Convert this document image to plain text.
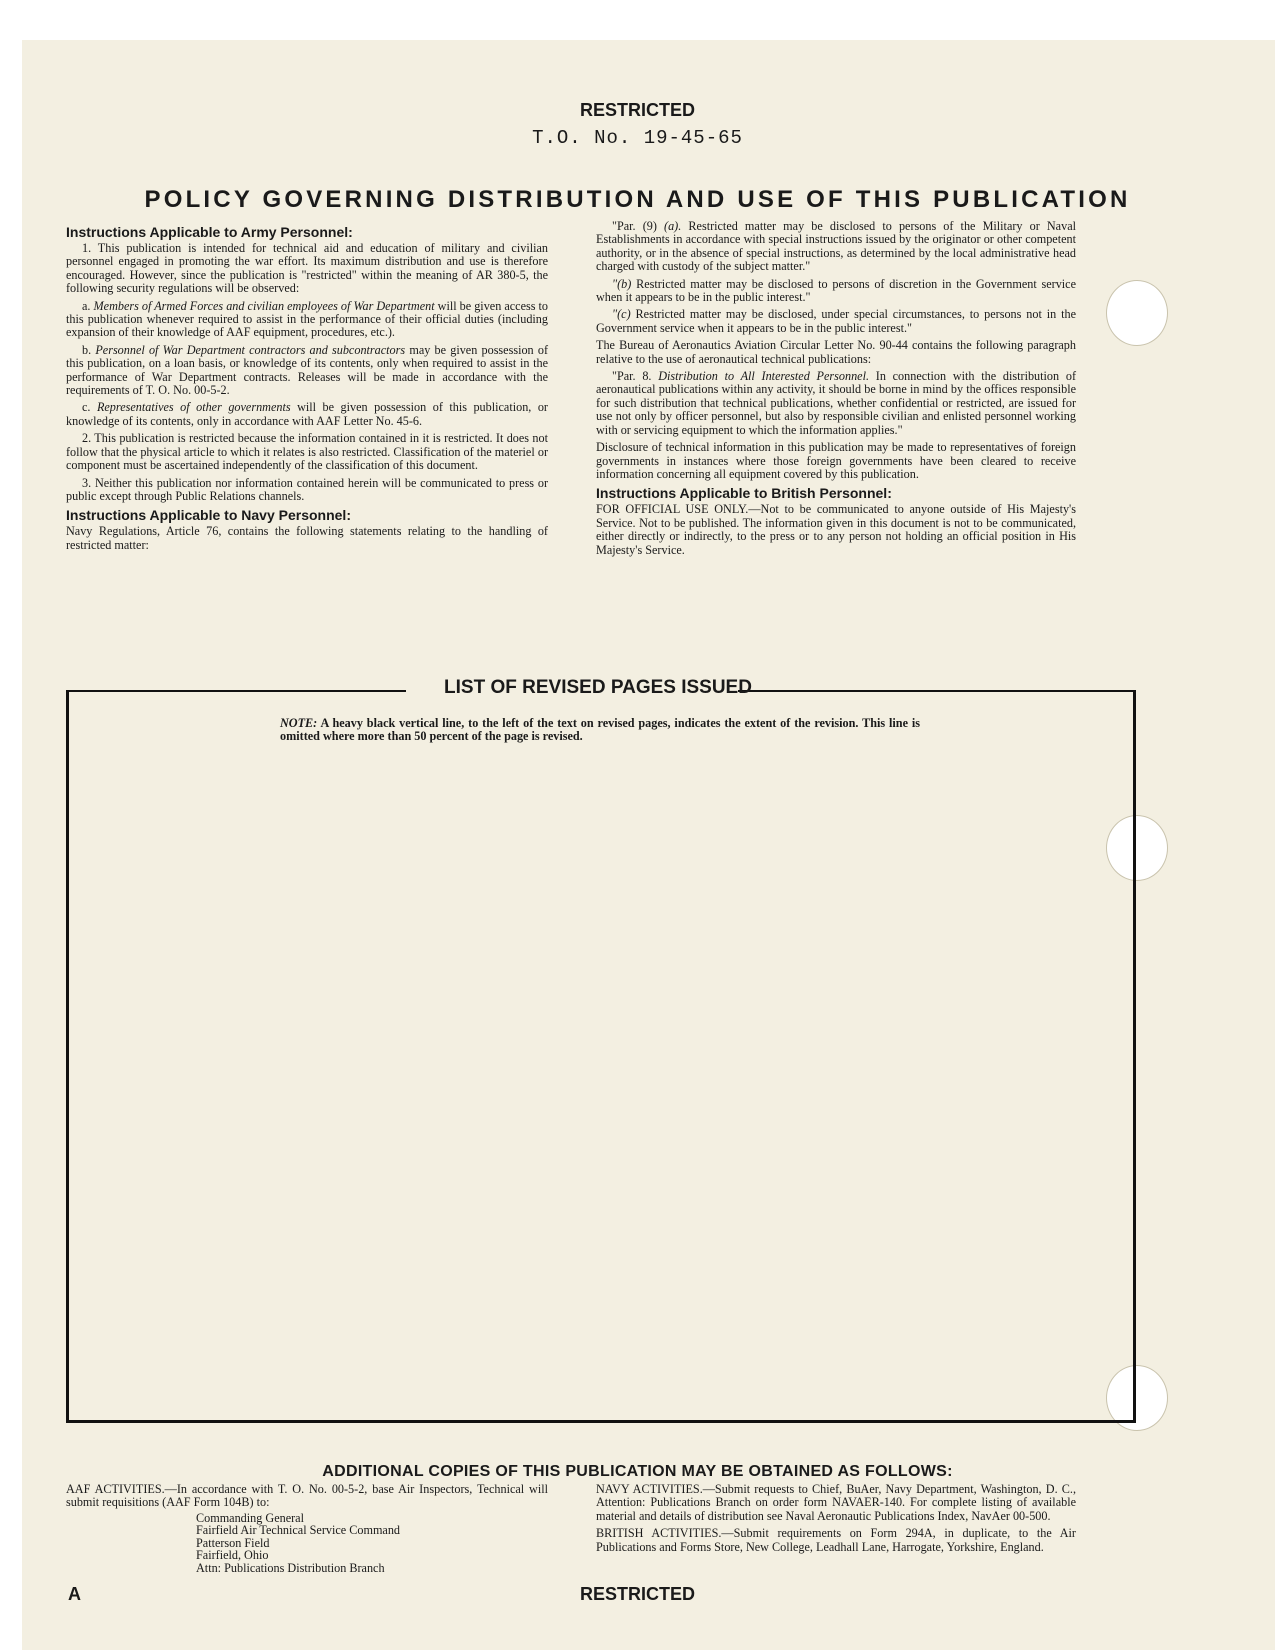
RESTRICTED
T.O. No. 19-45-65
POLICY GOVERNING DISTRIBUTION AND USE OF THIS PUBLICATION
Instructions Applicable to Army Personnel:

1. This publication is intended for technical aid and education of military and civilian personnel engaged in promoting the war effort. Its maximum distribution and use is therefore encouraged. However, since the publication is "restricted" within the meaning of AR 380-5, the following security regulations will be observed:

a. Members of Armed Forces and civilian employees of War Department will be given access to this publication whenever required to assist in the performance of their official duties (including expansion of their knowledge of AAF equipment, procedures, etc.).

b. Personnel of War Department contractors and subcontractors may be given possession of this publication, on a loan basis, or knowledge of its contents, only when required to assist in the performance of War Department contracts. Releases will be made in accordance with the requirements of T. O. No. 00-5-2.

c. Representatives of other governments will be given possession of this publication, or knowledge of its contents, only in accordance with AAF Letter No. 45-6.

2. This publication is restricted because the information contained in it is restricted. It does not follow that the physical article to which it relates is also restricted. Classification of the materiel or component must be ascertained independently of the classification of this document.

3. Neither this publication nor information contained herein will be communicated to press or public except through Public Relations channels.

Instructions Applicable to Navy Personnel:

Navy Regulations, Article 76, contains the following statements relating to the handling of restricted matter:

"Par. (9) (a). Restricted matter may be disclosed to persons of the Military or Naval Establishments in accordance with special instructions issued by the originator or other competent authority, or in the absence of special instructions, as determined by the local administrative head charged with custody of the subject matter."

"(b) Restricted matter may be disclosed to persons of discretion in the Government service when it appears to be in the public interest."

"(c) Restricted matter may be disclosed, under special circumstances, to persons not in the Government service when it appears to be in the public interest."

The Bureau of Aeronautics Aviation Circular Letter No. 90-44 contains the following paragraph relative to the use of aeronautical technical publications:

"Par. 8. Distribution to All Interested Personnel. In connection with the distribution of aeronautical publications within any activity, it should be borne in mind by the offices responsible for such distribution that technical publications, whether confidential or restricted, are issued for use not only by officer personnel, but also by responsible civilian and enlisted personnel working with or servicing equipment to which the information applies."

Disclosure of technical information in this publication may be made to representatives of foreign governments in instances where those foreign governments have been cleared to receive information concerning all equipment covered by this publication.

Instructions Applicable to British Personnel:

FOR OFFICIAL USE ONLY.—Not to be communicated to anyone outside of His Majesty's Service. Not to be published. The information given in this document is not to be communicated, either directly or indirectly, to the press or to any person not holding an official position in His Majesty's Service.

LIST OF REVISED PAGES ISSUED
NOTE: A heavy black vertical line, to the left of the text on revised pages, indicates the extent of the revision. This line is omitted where more than 50 percent of the page is revised.
ADDITIONAL COPIES OF THIS PUBLICATION MAY BE OBTAINED AS FOLLOWS:

AAF ACTIVITIES.—In accordance with T. O. No. 00-5-2, base Air Inspectors, Technical will submit requisitions (AAF Form 104B) to:

Commanding General
Fairfield Air Technical Service Command
Patterson Field
Fairfield, Ohio
Attn: Publications Distribution Branch

NAVY ACTIVITIES.—Submit requests to Chief, BuAer, Navy Department, Washington, D. C., Attention: Publications Branch on order form NAVAER-140. For complete listing of available material and details of distribution see Naval Aeronautic Publications Index, NavAer 00-500.

BRITISH ACTIVITIES.—Submit requirements on Form 294A, in duplicate, to the Air Publications and Forms Store, New College, Leadhall Lane, Harrogate, Yorkshire, England.

A	RESTRICTED
